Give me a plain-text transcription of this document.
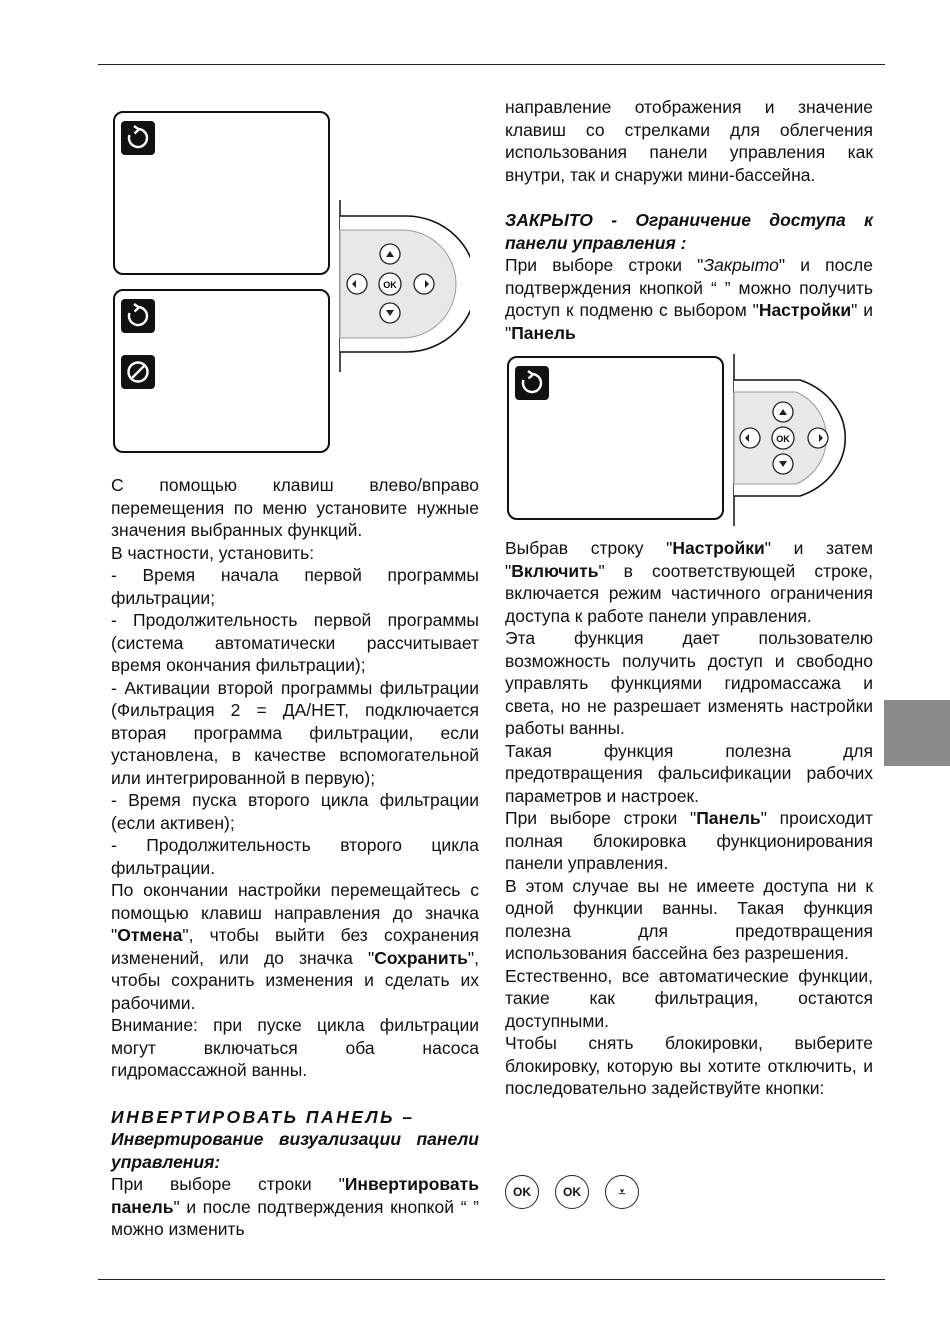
OK
OK

С помощью клавиш влево/вправо перемещения по меню установите нужные значения выбранных функций.

В частности, установить:

- Время начала первой программы фильтрации;

- Продолжительность первой программы (система автоматически рассчитывает время окончания фильтрации);

- Активации второй программы фильтрации (Фильтрация 2 = ДА/НЕТ, подключается вторая программа фильтрации, если установлена, в качестве вспомогательной или интегрированной в первую);

- Время пуска второго цикла фильтрации (если активен);

- Продолжительность второго цикла фильтрации.

По окончании настройки перемещайтесь с помощью клавиш направления до значка "Отмена", чтобы выйти без сохранения изменений, или до значка "Сохранить", чтобы сохранить изменения и сделать их рабочими.

Внимание: при пуске цикла фильтрации могут включаться оба насоса гидромассажной ванны.

ИНВЕРТИРОВАТЬ ПАНЕЛЬ –

Инвертирование визуализации панели управления:

При выборе строки "Инвертировать панель" и после подтверждения кнопкой “ ” можно изменить

направление отображения и значение клавиш со стрелками для облегчения использования панели управления как внутри, так и снаружи мини-бассейна.

ЗАКРЫТО - Ограничение доступа к панели управления :

При выборе строки "Закрыто" и после подтверждения кнопкой “ ” можно получить доступ к подменю с выбором "Настройки" и "Панель

Выбрав строку "Настройки" и затем "Включить" в соответствующей строке, включается режим частичного ограничения доступа к работе панели управления.

Эта функция дает пользователю возможность получить доступ и свободно управлять функциями гидромассажа и света, но не разрешает изменять настройки работы ванны.

Такая функция полезна для предотвращения фальсификации рабочих параметров и настроек.

При выборе строки "Панель" происходит полная блокировка функционирования панели управления.

В этом случае вы не имеете доступа ни к одной функции ванны. Такая функция полезна для предотвращения использования бассейна без разрешения.

Естественно, все автоматические функции, такие как фильтрация, остаются доступными.

Чтобы снять блокировки, выберите блокировку, которую вы хотите отключить, и последовательно задействуйте кнопки:

OK	OK	⩡
